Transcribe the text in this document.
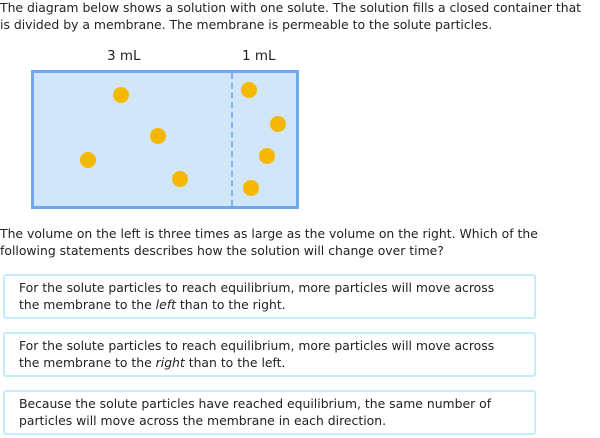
The diagram below shows a solution with one solute. The solution fills a closed container that
is divided by a membrane. The membrane is permeable to the solute particles.
3 mL	1 mL
The volume on the left is three times as large as the volume on the right. Which of the
following statements describes how the solution will change over time?
For the solute particles to reach equilibrium, more particles will move across
the membrane to the left than to the right.
For the solute particles to reach equilibrium, more particles will move across
the membrane to the right than to the left.
Because the solute particles have reached equilibrium, the same number of
particles will move across the membrane in each direction.
